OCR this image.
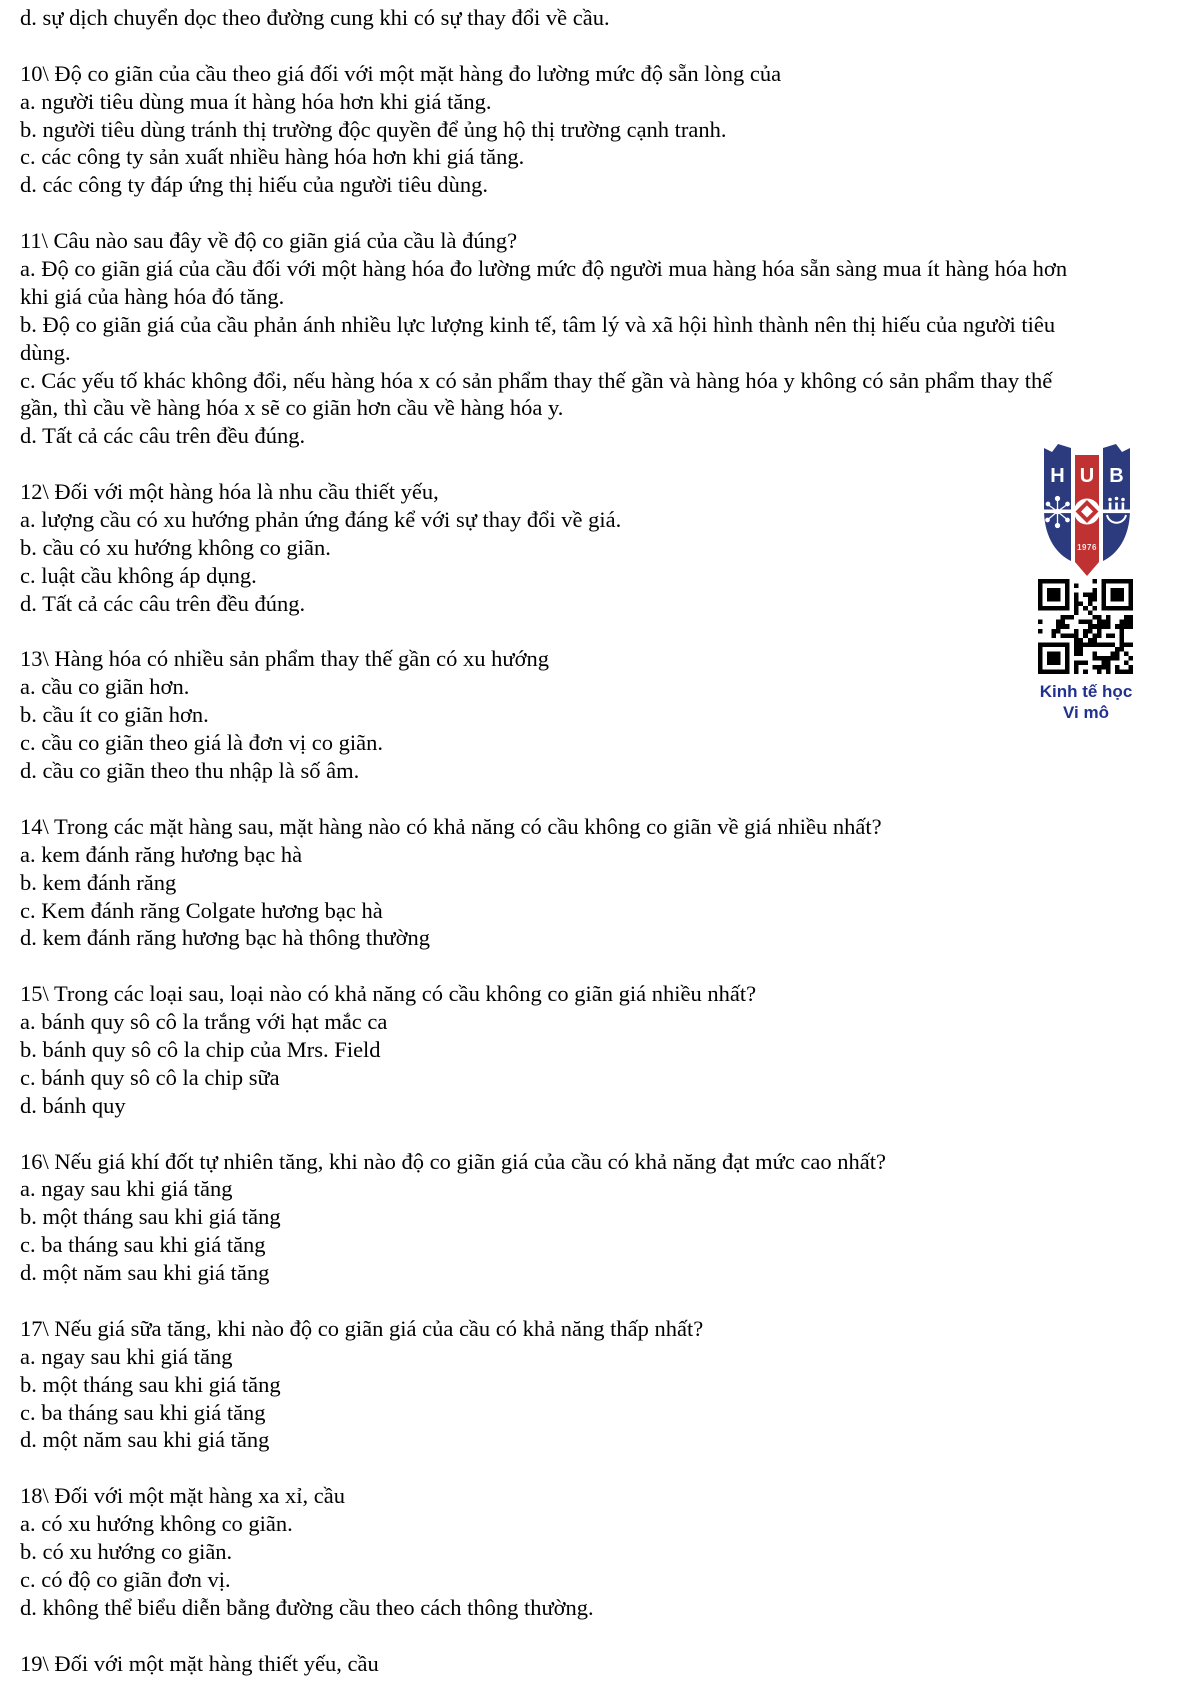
d. sự dịch chuyển dọc theo đường cung khi có sự thay đổi về cầu.
10\ Độ co giãn của cầu theo giá đối với một mặt hàng đo lường mức độ sẵn lòng của
a. người tiêu dùng mua ít hàng hóa hơn khi giá tăng.
b. người tiêu dùng tránh thị trường độc quyền để ủng hộ thị trường cạnh tranh.
c. các công ty sản xuất nhiều hàng hóa hơn khi giá tăng.
d. các công ty đáp ứng thị hiếu của người tiêu dùng.
11\ Câu nào sau đây về độ co giãn giá của cầu là đúng?
a. Độ co giãn giá của cầu đối với một hàng hóa đo lường mức độ người mua hàng hóa sẵn sàng mua ít hàng hóa hơn
khi giá của hàng hóa đó tăng.
b. Độ co giãn giá của cầu phản ánh nhiều lực lượng kinh tế, tâm lý và xã hội hình thành nên thị hiếu của người tiêu
dùng.
c. Các yếu tố khác không đổi, nếu hàng hóa x có sản phẩm thay thế gần và hàng hóa y không có sản phẩm thay thế
gần, thì cầu về hàng hóa x sẽ co giãn hơn cầu về hàng hóa y.
d. Tất cả các câu trên đều đúng.
12\ Đối với một hàng hóa là nhu cầu thiết yếu,
a. lượng cầu có xu hướng phản ứng đáng kể với sự thay đổi về giá.
b. cầu có xu hướng không co giãn.
c. luật cầu không áp dụng.
d. Tất cả các câu trên đều đúng.
13\ Hàng hóa có nhiều sản phẩm thay thế gần có xu hướng
a. cầu co giãn hơn.
b. cầu ít co giãn hơn.
c. cầu co giãn theo giá là đơn vị co giãn.
d. cầu co giãn theo thu nhập là số âm.
14\ Trong các mặt hàng sau, mặt hàng nào có khả năng có cầu không co giãn về giá nhiều nhất?
a. kem đánh răng hương bạc hà
b. kem đánh răng
c. Kem đánh răng Colgate hương bạc hà
d. kem đánh răng hương bạc hà thông thường
15\ Trong các loại sau, loại nào có khả năng có cầu không co giãn giá nhiều nhất?
a. bánh quy sô cô la trắng với hạt mắc ca
b. bánh quy sô cô la chip của Mrs. Field
c. bánh quy sô cô la chip sữa
d. bánh quy
16\ Nếu giá khí đốt tự nhiên tăng, khi nào độ co giãn giá của cầu có khả năng đạt mức cao nhất?
a. ngay sau khi giá tăng
b. một tháng sau khi giá tăng
c. ba tháng sau khi giá tăng
d. một năm sau khi giá tăng
17\ Nếu giá sữa tăng, khi nào độ co giãn giá của cầu có khả năng thấp nhất?
a. ngay sau khi giá tăng
b. một tháng sau khi giá tăng
c. ba tháng sau khi giá tăng
d. một năm sau khi giá tăng
18\ Đối với một mặt hàng xa xỉ, cầu
a. có xu hướng không co giãn.
b. có xu hướng co giãn.
c. có độ co giãn đơn vị.
d. không thể biểu diễn bằng đường cầu theo cách thông thường.
19\ Đối với một mặt hàng thiết yếu, cầu
H U B
1976
Kinh tế học
Vi mô
